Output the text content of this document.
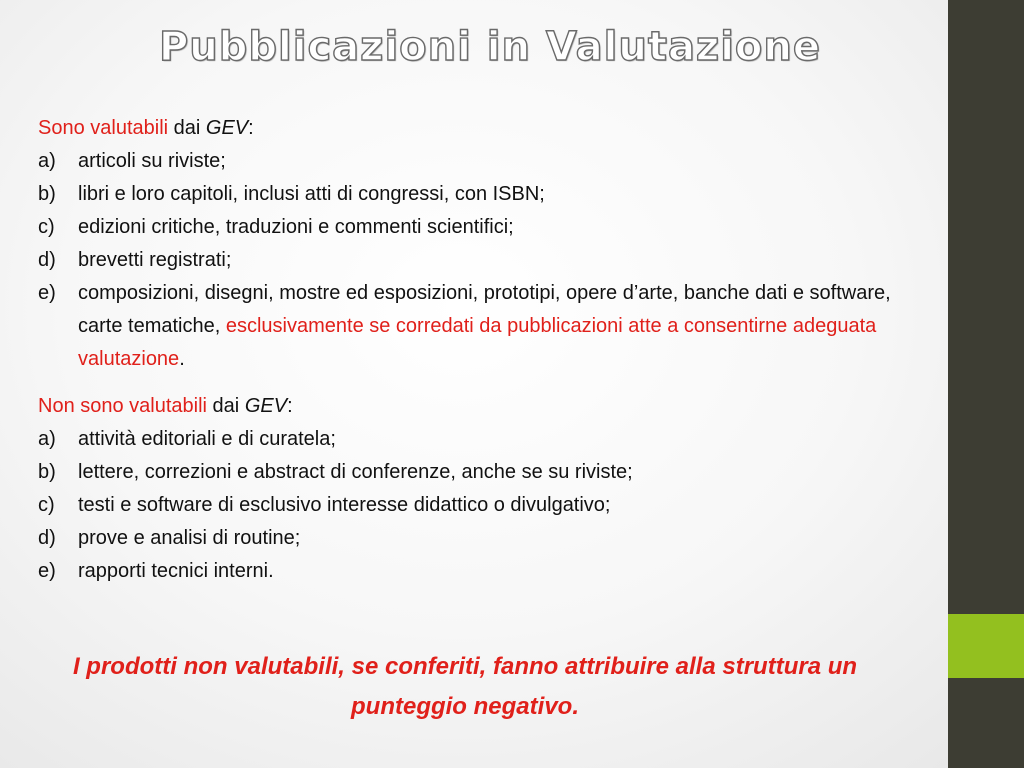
Pubblicazioni in Valutazione
Sono valutabili dai GEV:
a)	articoli su riviste;
b)	libri e loro capitoli, inclusi atti di congressi, con ISBN;
c)	edizioni critiche, traduzioni e commenti scientifici;
d)	brevetti registrati;
e)	composizioni, disegni, mostre ed esposizioni, prototipi, opere d’arte, banche dati e software, carte tematiche, esclusivamente se corredati da pubblicazioni atte a consentirne adeguata valutazione.
Non sono valutabili dai GEV:
a)	attività editoriali e di curatela;
b)	lettere, correzioni e abstract di conferenze, anche se su riviste;
c)	testi e software di esclusivo interesse didattico o divulgativo;
d)	prove e analisi di routine;
e)	rapporti tecnici interni.
I prodotti non valutabili, se conferiti, fanno attribuire alla struttura un punteggio negativo.
